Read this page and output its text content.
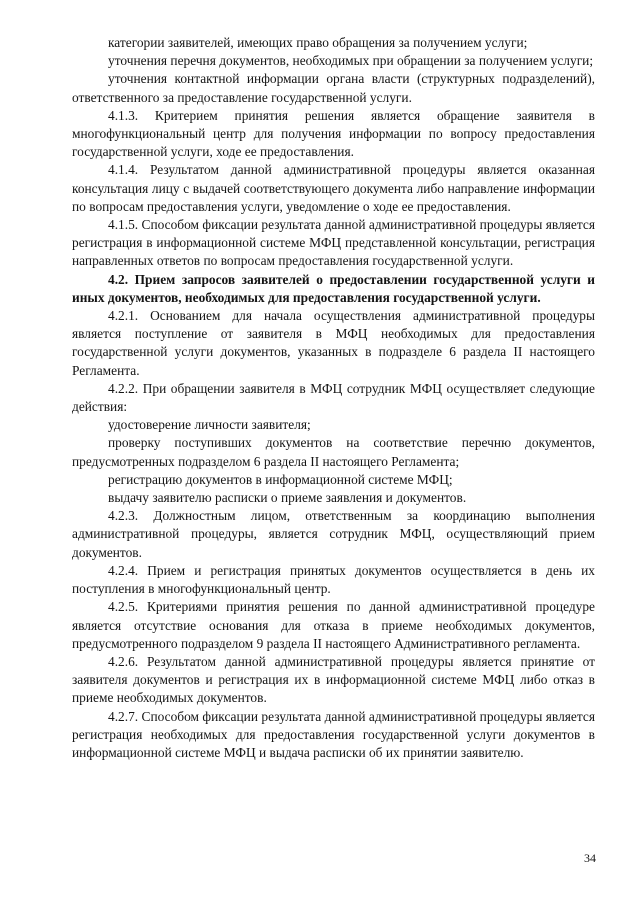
категории заявителей, имеющих право обращения за получением услуги;

уточнения перечня документов, необходимых при обращении за получением услуги;

уточнения контактной информации органа власти (структурных подразделений), ответственного за предоставление государственной услуги.

4.1.3. Критерием принятия решения является обращение заявителя в многофункциональный центр для получения информации по вопросу предоставления государственной услуги, ходе ее предоставления.

4.1.4. Результатом данной административной процедуры является оказанная консультация лицу с выдачей соответствующего документа либо направление информации по вопросам предоставления услуги, уведомление о ходе ее предоставления.

4.1.5. Способом фиксации результата данной административной процедуры является регистрация в информационной системе МФЦ представленной консультации, регистрация направленных ответов по вопросам предоставления государственной услуги.

4.2. Прием запросов заявителей о предоставлении государственной услуги и иных документов, необходимых для предоставления государственной услуги.

4.2.1. Основанием для начала осуществления административной процедуры является поступление от заявителя в МФЦ необходимых для предоставления государственной услуги документов, указанных в подразделе 6 раздела II настоящего Регламента.

4.2.2. При обращении заявителя в МФЦ сотрудник МФЦ осуществляет следующие действия:

удостоверение личности заявителя;

проверку поступивших документов на соответствие перечню документов, предусмотренных подразделом 6 раздела II настоящего Регламента;

регистрацию документов в информационной системе МФЦ;

выдачу заявителю расписки о приеме заявления и документов.

4.2.3. Должностным лицом, ответственным за координацию выполнения административной процедуры, является сотрудник МФЦ, осуществляющий прием документов.

4.2.4. Прием и регистрация принятых документов осуществляется в день их поступления в многофункциональный центр.

4.2.5. Критериями принятия решения по данной административной процедуре является отсутствие основания для отказа в приеме необходимых документов, предусмотренного подразделом 9 раздела II настоящего Административного регламента.

4.2.6. Результатом данной административной процедуры является принятие от заявителя документов и регистрация их в информационной системе МФЦ либо отказ в приеме необходимых документов.

4.2.7. Способом фиксации результата данной административной процедуры является регистрация необходимых для предоставления государственной услуги документов в информационной системе МФЦ и выдача расписки об их принятии заявителю.

34
